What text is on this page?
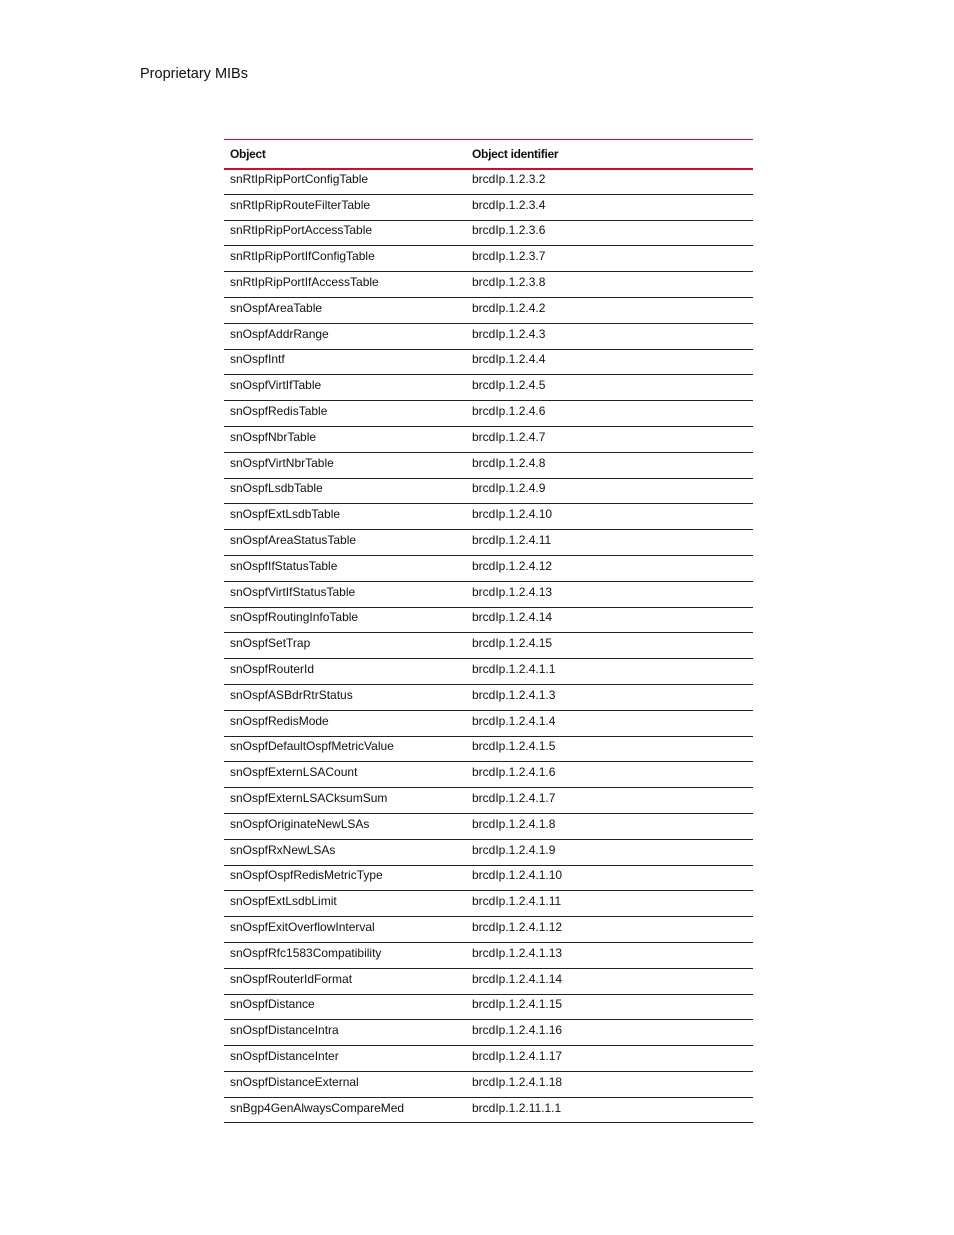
Proprietary MIBs
Object	Object identifier
snRtIpRipPortConfigTable	brcdIp.1.2.3.2
snRtIpRipRouteFilterTable	brcdIp.1.2.3.4
snRtIpRipPortAccessTable	brcdIp.1.2.3.6
snRtIpRipPortIfConfigTable	brcdIp.1.2.3.7
snRtIpRipPortIfAccessTable	brcdIp.1.2.3.8
snOspfAreaTable	brcdIp.1.2.4.2
snOspfAddrRange	brcdIp.1.2.4.3
snOspfIntf	brcdIp.1.2.4.4
snOspfVirtIfTable	brcdIp.1.2.4.5
snOspfRedisTable	brcdIp.1.2.4.6
snOspfNbrTable	brcdIp.1.2.4.7
snOspfVirtNbrTable	brcdIp.1.2.4.8
snOspfLsdbTable	brcdIp.1.2.4.9
snOspfExtLsdbTable	brcdIp.1.2.4.10
snOspfAreaStatusTable	brcdIp.1.2.4.11
snOspfIfStatusTable	brcdIp.1.2.4.12
snOspfVirtIfStatusTable	brcdIp.1.2.4.13
snOspfRoutingInfoTable	brcdIp.1.2.4.14
snOspfSetTrap	brcdIp.1.2.4.15
snOspfRouterId	brcdIp.1.2.4.1.1
snOspfASBdrRtrStatus	brcdIp.1.2.4.1.3
snOspfRedisMode	brcdIp.1.2.4.1.4
snOspfDefaultOspfMetricValue	brcdIp.1.2.4.1.5
snOspfExternLSACount	brcdIp.1.2.4.1.6
snOspfExternLSACksumSum	brcdIp.1.2.4.1.7
snOspfOriginateNewLSAs	brcdIp.1.2.4.1.8
snOspfRxNewLSAs	brcdIp.1.2.4.1.9
snOspfOspfRedisMetricType	brcdIp.1.2.4.1.10
snOspfExtLsdbLimit	brcdIp.1.2.4.1.11
snOspfExitOverflowInterval	brcdIp.1.2.4.1.12
snOspfRfc1583Compatibility	brcdIp.1.2.4.1.13
snOspfRouterIdFormat	brcdIp.1.2.4.1.14
snOspfDistance	brcdIp.1.2.4.1.15
snOspfDistanceIntra	brcdIp.1.2.4.1.16
snOspfDistanceInter	brcdIp.1.2.4.1.17
snOspfDistanceExternal	brcdIp.1.2.4.1.18
snBgp4GenAlwaysCompareMed	brcdIp.1.2.11.1.1
